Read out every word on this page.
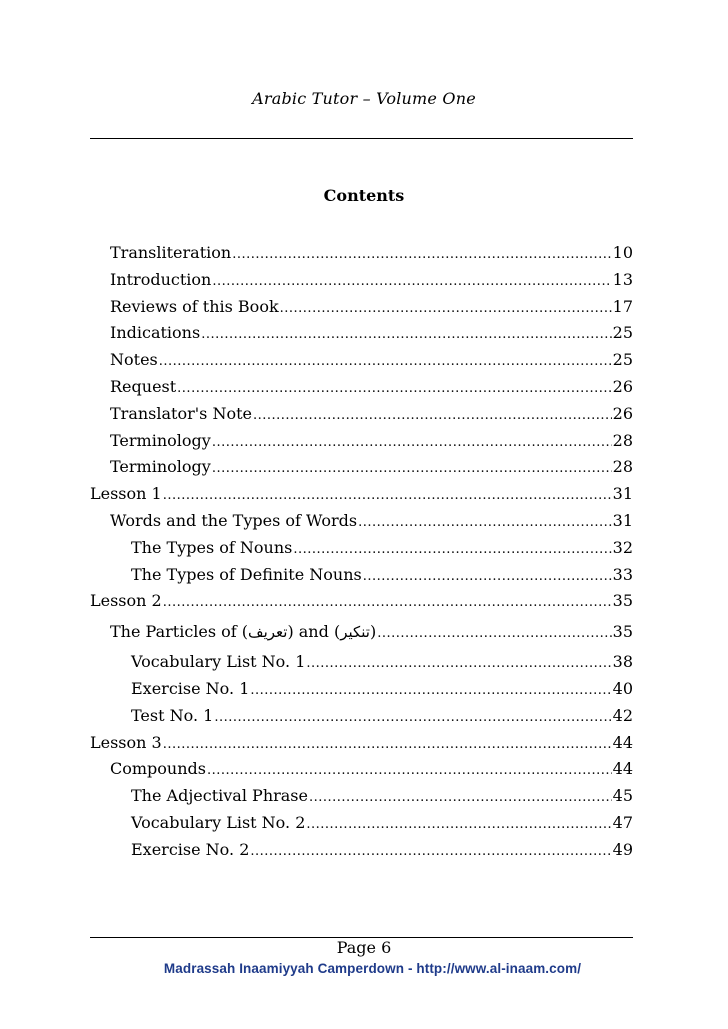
Arabic Tutor – Volume One
Contents
Transliteration .....	10
Introduction .....	13
Reviews of this Book .....	17
Indications .....	25
Notes .....	25
Request .....	26
Translator's Note .....	26
Terminology .....	28
Terminology .....	28
Lesson 1 .....	31
Words and the Types of Words .....	31
The Types of Nouns .....	32
The Types of Definite Nouns .....	33
Lesson 2 .....	35
The Particles of (تعريف) and (تنكير) .....	35
Vocabulary List No. 1 .....	38
Exercise No. 1 .....	40
Test No. 1 .....	42
Lesson 3 .....	44
Compounds .....	44
The Adjectival Phrase .....	45
Vocabulary List No. 2 .....	47
Exercise No. 2 .....	49
Page 6
Madrassah Inaamiyyah Camperdown - http://www.al-inaam.com/
